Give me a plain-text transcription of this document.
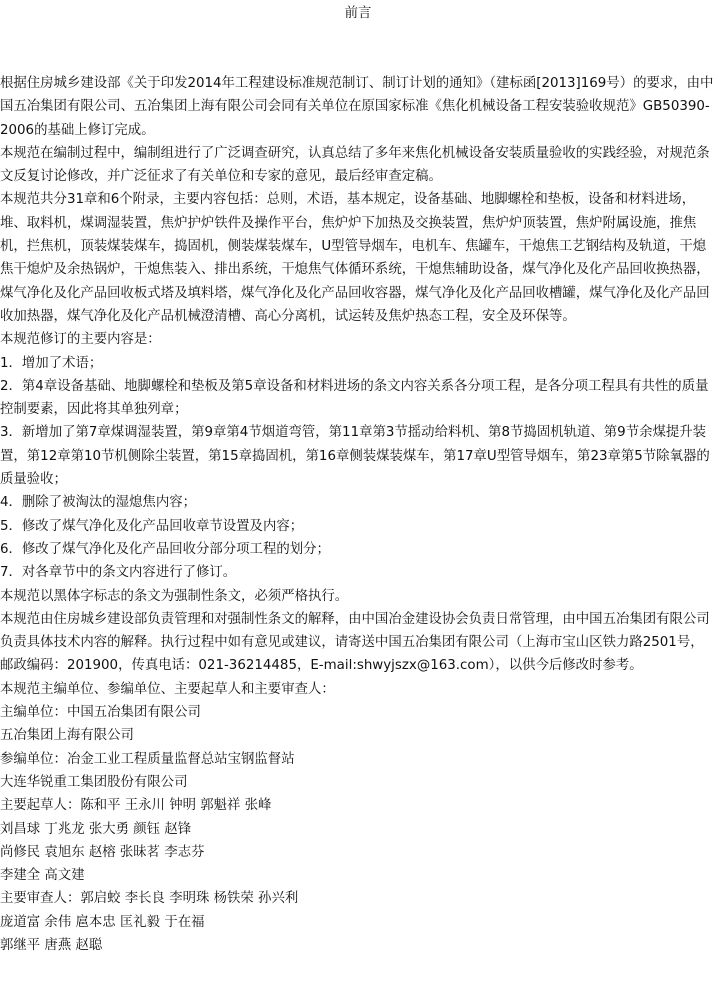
前言

根据住房城乡建设部《关于印发2014年工程建设标准规范制订、制订计划的通知》（建标函[2013]169号）的要求，由中国五冶集团有限公司、五冶集团上海有限公司会同有关单位在原国家标准《焦化机械设备工程安装验收规范》GB50390-2006的基础上修订完成。

本规范在编制过程中，编制组进行了广泛调查研究，认真总结了多年来焦化机械设备安装质量验收的实践经验，对规范条文反复讨论修改，并广泛征求了有关单位和专家的意见，最后经审查定稿。

本规范共分31章和6个附录，主要内容包括：总则，术语，基本规定，设备基础、地脚螺栓和垫板，设备和材料进场，堆、取料机，煤调湿装置，焦炉护炉铁件及操作平台，焦炉炉下加热及交换装置，焦炉炉顶装置，焦炉附属设施，推焦机，拦焦机，顶装煤装煤车，捣固机，侧装煤装煤车，U型管导烟车，电机车、焦罐车，干熄焦工艺钢结构及轨道，干熄焦干熄炉及余热锅炉，干熄焦装入、排出系统，干熄焦气体循环系统，干熄焦辅助设备，煤气净化及化产品回收换热器，煤气净化及化产品回收板式塔及填料塔，煤气净化及化产品回收容器，煤气净化及化产品回收槽罐，煤气净化及化产品回收加热器，煤气净化及化产品机械澄清槽、高心分离机，试运转及焦炉热态工程，安全及环保等。

本规范修订的主要内容是：

1．增加了术语；

2．第4章设备基础、地脚螺栓和垫板及第5章设备和材料进场的条文内容关系各分项工程，是各分项工程具有共性的质量控制要素，因此将其单独列章；

3．新增加了第7章煤调湿装置，第9章第4节烟道弯管，第11章第3节摇动给料机、第8节捣固机轨道、第9节余煤提升装置，第12章第10节机侧除尘装置，第15章捣固机，第16章侧装煤装煤车，第17章U型管导烟车，第23章第5节除氧器的质量验收；

4．删除了被淘汰的湿熄焦内容；

5．修改了煤气净化及化产品回收章节设置及内容；

6．修改了煤气净化及化产品回收分部分项工程的划分；

7．对各章节中的条文内容进行了修订。

本规范以黑体字标志的条文为强制性条文，必须严格执行。

本规范由住房城乡建设部负责管理和对强制性条文的解释，由中国冶金建设协会负责日常管理，由中国五冶集团有限公司负责具体技术内容的解释。执行过程中如有意见或建议，请寄送中国五冶集团有限公司（上海市宝山区铁力路2501号，邮政编码：201900，传真电话：021-36214485，E-mail:shwyjszx@163.com），以供今后修改时参考。

本规范主编单位、参编单位、主要起草人和主要审查人：

主编单位：中国五冶集团有限公司

五冶集团上海有限公司

参编单位：冶金工业工程质量监督总站宝钢监督站

大连华锐重工集团股份有限公司

主要起草人：陈和平 王永川 钟明 郭魁祥 张峰

刘昌球 丁兆龙 张大勇 颜钰 赵锋

尚修民 袁旭东 赵榕 张昧茗 李志芬

李建全 高文建

主要审查人：郭启蛟 李长良 李明珠 杨铁荣 孙兴利

庞道富 余伟 扈本忠 匡礼毅 于在福

郭继平 唐燕 赵聪
